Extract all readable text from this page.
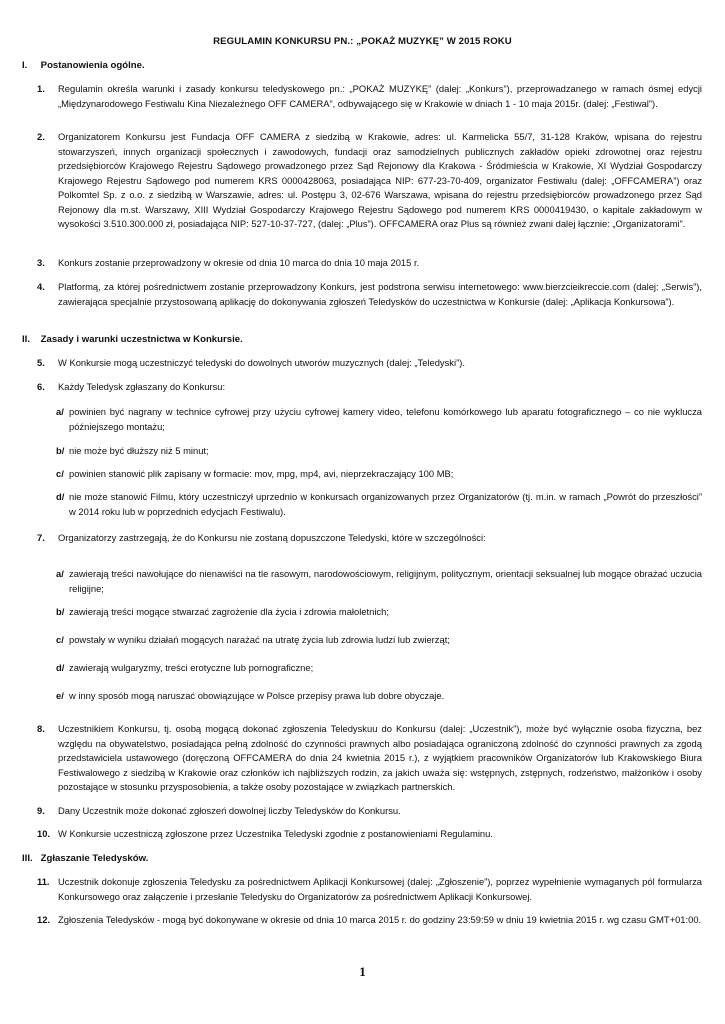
REGULAMIN KONKURSU PN.: „POKAŻ MUZYKĘ” W 2015 ROKU
I. Postanowienia ogólne.
1.	Regulamin określa warunki i zasady konkursu teledyskowego pn.: „POKAŻ MUZYKĘ” (dalej: „Konkurs”), przeprowadzanego w ramach ósmej edycji „Międzynarodowego Festiwalu Kina Niezależnego OFF CAMERA”, odbywającego się w Krakowie w dniach 1 - 10 maja 2015r. (dalej: „Festiwal”).
2.	Organizatorem Konkursu jest Fundacja OFF CAMERA z siedzibą w Krakowie, adres: ul. Karmelicka 55/7, 31-128 Kraków, wpisana do rejestru stowarzyszeń, innych organizacji społecznych i zawodowych, fundacji oraz samodzielnych publicznych zakładów opieki zdrowotnej oraz rejestru przedsiębiorców Krajowego Rejestru Sądowego prowadzonego przez Sąd Rejonowy dla Krakowa - Śródmieścia w Krakowie, XI Wydział Gospodarczy Krajowego Rejestru Sądowego pod numerem KRS 0000428063, posiadająca NIP: 677-23-70-409, organizator Festiwalu (dalej: „OFFCAMERA”) oraz Polkomtel Sp. z o.o. z siedzibą w Warszawie, adres: ul. Postępu 3, 02-676 Warszawa, wpisana do rejestru przedsiębiorców prowadzonego przez Sąd Rejonowy dla m.st. Warszawy, XIII Wydział Gospodarczy Krajowego Rejestru Sądowego pod numerem KRS 0000419430, o kapitale zakładowym w wysokości 3.510.300.000 zł, posiadająca NIP: 527-10-37-727, (dalej: „Plus”). OFFCAMERA oraz Plus są również zwani dalej łącznie: „Organizatorami”.
3.	Konkurs zostanie przeprowadzony w okresie od dnia 10 marca do dnia 10 maja 2015 r.
4.	Platformą, za której pośrednictwem zostanie przeprowadzony Konkurs, jest podstrona serwisu internetowego: www.bierzcieikreccie.com (dalej: „Serwis”), zawierająca specjalnie przystosowaną aplikację do dokonywania zgłoszeń Teledysków do uczestnictwa w Konkursie (dalej: „Aplikacja Konkursowa”).
II. Zasady i warunki uczestnictwa w Konkursie.
5.	W Konkursie mogą uczestniczyć teledyski do dowolnych utworów muzycznych (dalej: „Teledyski”).
6.	Każdy Teledysk zgłaszany do Konkursu:
a/ powinien być nagrany w technice cyfrowej przy użyciu cyfrowej kamery video, telefonu komórkowego lub aparatu fotograficznego – co nie wyklucza późniejszego montażu;
b/ nie może być dłuższy niż 5 minut;
c/ powinien stanowić plik zapisany w formacie: mov, mpg, mp4, avi, nieprzekraczający 100 MB;
d/ nie może stanowić Filmu, który uczestniczył uprzednio w konkursach organizowanych przez Organizatorów (tj. m.in. w ramach „Powrót do przeszłości” w 2014 roku lub w poprzednich edycjach Festiwalu).
7.	Organizatorzy zastrzegają, że do Konkursu nie zostaną dopuszczone Teledyski, które w szczególności:
a/ zawierają treści nawołujące do nienawiści na tle rasowym, narodowościowym, religijnym, politycznym, orientacji seksualnej lub mogące obrażać uczucia religijne;
b/ zawierają treści mogące stwarzać zagrożenie dla życia i zdrowia małoletnich;
c/ powstały w wyniku działań mogących narażać na utratę życia lub zdrowia ludzi lub zwierząt;
d/ zawierają wulgaryzmy, treści erotyczne lub pornograficzne;
e/ w inny sposób mogą naruszać obowiązujące w Polsce przepisy prawa lub dobre obyczaje.
8.	Uczestnikiem Konkursu, tj. osobą mogącą dokonać zgłoszenia Teledyskuu do Konkursu (dalej: „Uczestnik”), może być wyłącznie osoba fizyczna, bez względu na obywatelstwo, posiadająca pełną zdolność do czynności prawnych albo posiadająca ograniczoną zdolność do czynności prawnych za zgodą przedstawiciela ustawowego (doręczoną OFFCAMERA do dnia 24 kwietnia 2015 r.), z wyjątkiem pracowników Organizatorów lub Krakowskiego Biura Festiwalowego z siedzibą w Krakowie oraz członków ich najbliższych rodzin, za jakich uważa się: wstępnych, zstępnych, rodzeństwo, małżonków i osoby pozostające w stosunku przysposobienia, a także osoby pozostające w związkach partnerskich.
9.	Dany Uczestnik może dokonać zgłoszeń dowolnej liczby Teledysków do Konkursu.
10. W Konkursie uczestniczą zgłoszone przez Uczestnika Teledyski zgodnie z postanowieniami Regulaminu.
III. Zgłaszanie Teledysków.
11. Uczestnik dokonuje zgłoszenia Teledysku za pośrednictwem Aplikacji Konkursowej (dalej: „Zgłoszenie”), poprzez wypełnienie wymaganych pól formularza Konkursowego oraz załączenie i przesłanie Teledysku do Organizatorów za pośrednictwem Aplikacji Konkursowej.
12. Zgłoszenia Teledysków - mogą być dokonywane w okresie od dnia 10 marca 2015 r. do godziny 23:59:59 w dniu 19 kwietnia 2015 r. wg czasu GMT+01:00.
1
